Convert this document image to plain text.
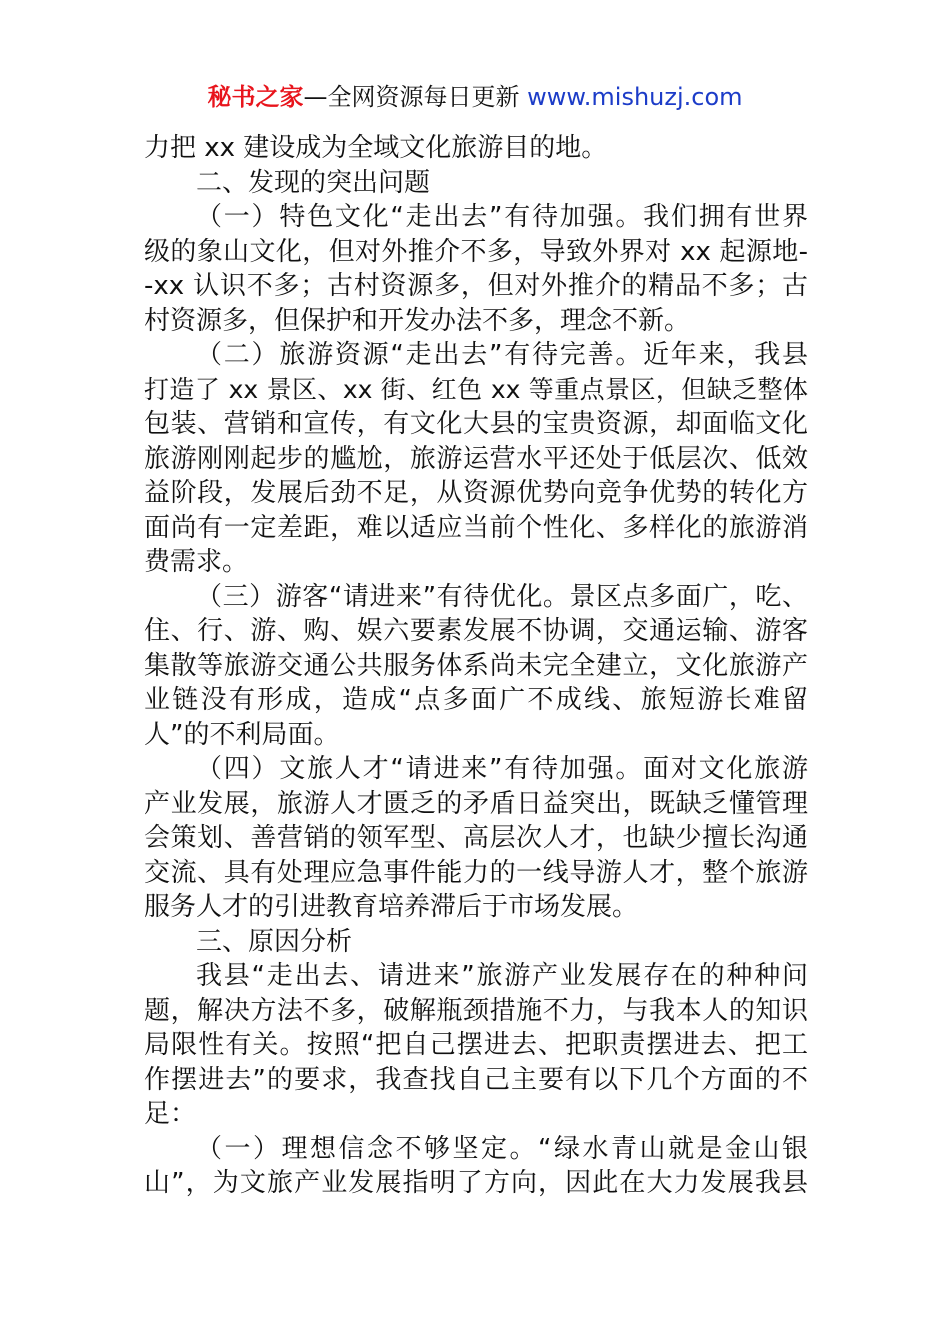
秘书之家—全网资源每日更新 www.mishuzj.com
力把 xx 建设成为全域文化旅游目的地。
二、发现的突出问题
（一）特色文化“走出去”有待加强。我们拥有世界
级的象山文化，但对外推介不多，导致外界对 xx 起源地-
-xx 认识不多；古村资源多，但对外推介的精品不多；古
村资源多，但保护和开发办法不多，理念不新。
（二）旅游资源“走出去”有待完善。近年来，我县
打造了 xx 景区、xx 街、红色 xx 等重点景区，但缺乏整体
包装、营销和宣传，有文化大县的宝贵资源，却面临文化
旅游刚刚起步的尴尬，旅游运营水平还处于低层次、低效
益阶段，发展后劲不足，从资源优势向竞争优势的转化方
面尚有一定差距，难以适应当前个性化、多样化的旅游消
费需求。
（三）游客“请进来”有待优化。景区点多面广，吃、
住、行、游、购、娱六要素发展不协调，交通运输、游客
集散等旅游交通公共服务体系尚未完全建立，文化旅游产
业链没有形成，造成“点多面广不成线、旅短游长难留
人”的不利局面。
（四）文旅人才“请进来”有待加强。面对文化旅游
产业发展，旅游人才匮乏的矛盾日益突出，既缺乏懂管理
会策划、善营销的领军型、高层次人才，也缺少擅长沟通
交流、具有处理应急事件能力的一线导游人才，整个旅游
服务人才的引进教育培养滞后于市场发展。
三、原因分析
我县“走出去、请进来”旅游产业发展存在的种种问
题，解决方法不多，破解瓶颈措施不力，与我本人的知识
局限性有关。按照“把自己摆进去、把职责摆进去、把工
作摆进去”的要求，我查找自己主要有以下几个方面的不
足：
（一）理想信念不够坚定。“绿水青山就是金山银
山”，为文旅产业发展指明了方向，因此在大力发展我县
